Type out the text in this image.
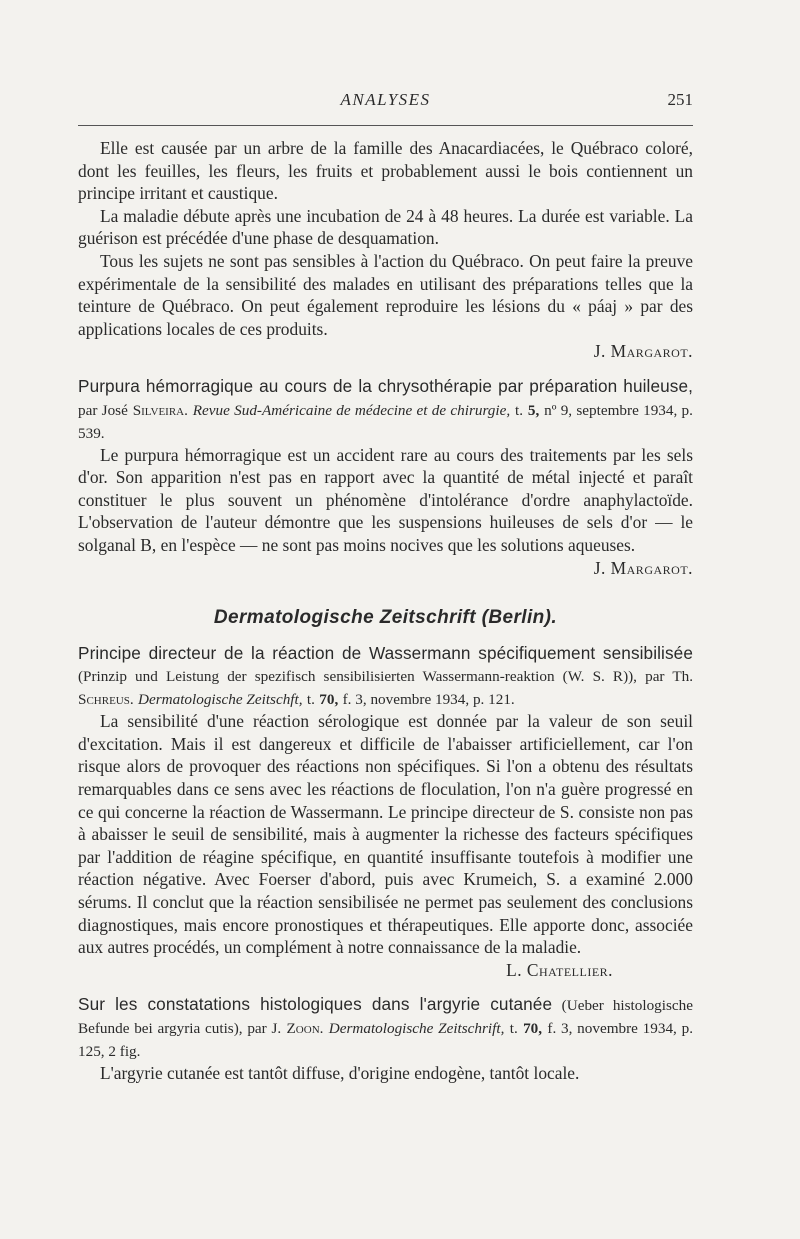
ANALYSES	251

Elle est causée par un arbre de la famille des Anacardiacées, le Québraco coloré, dont les feuilles, les fleurs, les fruits et probablement aussi le bois contiennent un principe irritant et caustique.

La maladie débute après une incubation de 24 à 48 heures. La durée est variable. La guérison est précédée d'une phase de desquamation.

Tous les sujets ne sont pas sensibles à l'action du Québraco. On peut faire la preuve expérimentale de la sensibilité des malades en utilisant des préparations telles que la teinture de Québraco. On peut également reproduire les lésions du « páaj » par des applications locales de ces produits.

J. Margarot.

Purpura hémorragique au cours de la chrysothérapie par préparation huileuse, par José Silveira. Revue Sud-Américaine de médecine et de chirurgie, t. 5, nº 9, septembre 1934, p. 539.

Le purpura hémorragique est un accident rare au cours des traitements par les sels d'or. Son apparition n'est pas en rapport avec la quantité de métal injecté et paraît constituer le plus souvent un phénomène d'intolérance d'ordre anaphylactoïde. L'observation de l'auteur démontre que les suspensions huileuses de sels d'or — le solganal B, en l'espèce — ne sont pas moins nocives que les solutions aqueuses.

J. Margarot.
Dermatologische Zeitschrift (Berlin).

Principe directeur de la réaction de Wassermann spécifiquement sensibilisée (Prinzip und Leistung der spezifisch sensibilisierten Wassermann-reaktion (W. S. R)), par Th. Schreus. Dermatologische Zeitschft, t. 70, f. 3, novembre 1934, p. 121.

La sensibilité d'une réaction sérologique est donnée par la valeur de son seuil d'excitation. Mais il est dangereux et difficile de l'abaisser artificiellement, car l'on risque alors de provoquer des réactions non spécifiques. Si l'on a obtenu des résultats remarquables dans ce sens avec les réactions de floculation, l'on n'a guère progressé en ce qui concerne la réaction de Wassermann. Le principe directeur de S. consiste non pas à abaisser le seuil de sensibilité, mais à augmenter la richesse des facteurs spécifiques par l'addition de réagine spécifique, en quantité insuffisante toutefois à modifier une réaction négative. Avec Foerser d'abord, puis avec Krumeich, S. a examiné 2.000 sérums. Il conclut que la réaction sensibilisée ne permet pas seulement des conclusions diagnostiques, mais encore pronostiques et thérapeutiques. Elle apporte donc, associée aux autres procédés, un complément à notre connaissance de la maladie.

L. Chatellier.

Sur les constatations histologiques dans l'argyrie cutanée (Ueber histologische Befunde bei argyria cutis), par J. Zoon. Dermatologische Zeitschrift, t. 70, f. 3, novembre 1934, p. 125, 2 fig.

L'argyrie cutanée est tantôt diffuse, d'origine endogène, tantôt locale.
